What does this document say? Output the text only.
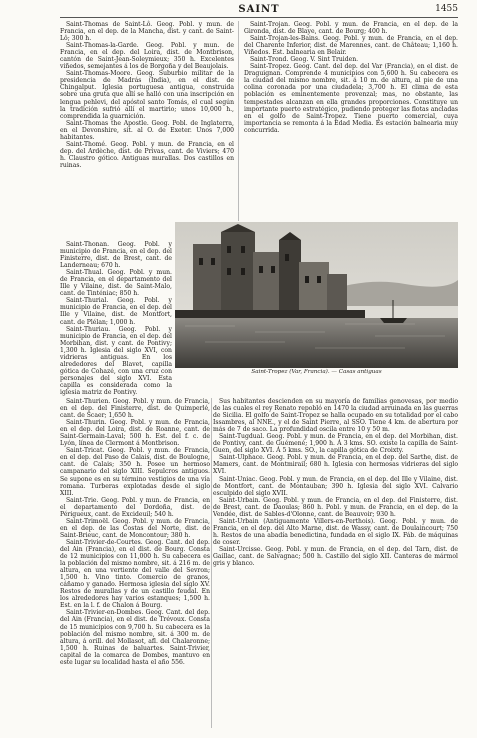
SAINT	1455

Saint-Thomas de Saint-Lô. Geog. Pobl. y mun. de Francia, en el dep. de la Mancha, dist. y cant. de Saint-Lô; 300 h.

Saint-Thomas-la-Garde. Geog. Pobl. y mun. de Francia, en el dep. del Loira, dist. de Montbrison, cantón de Saint-Jean-Soleymieux; 350 h. Excelentes viñedos, semejantes á los de Borgoña y del Beaujolais.

Saint-Thomas-Moore. Geog. Suburbio militar de la presidencia de Madrás (India), en el dist. de Chingalput. Iglesia portuguesa antigua, construida sobre una gruta que allí se halló con una inscripción en lengua pehlevi, del apóstol santo Tomás, el cual según la tradición sufrió allí el martirio; unos 10,000 h., comprendida la guarnición.

Saint-Thomas the Apostle. Geog. Pobl. de Inglaterra, en el Devonshire, sit. al O. de Exeter. Unos 7,000 habitantes.

Saint-Thomé. Geog. Pobl. y mun. de Francia, en el dep. del Ardèche, dist. de Privas, cant. de Viviers; 470 h. Claustro gótico. Antiguas murallas. Dos castillos en ruinas.

Saint-Trojan. Geog. Pobl. y mun. de Francia, en el dep. de la Gironda, dist. de Blaye, cant. de Bourg; 400 h.

Saint-Trojan-les-Bains. Geog. Pobl. y mun. de Francia, en el dep. del Charente Inferior, dist. de Marennes, cant. de Château; 1,160 h. Viñedos. Est. balnearia en Belair.

Saint-Trond. Geog. V. Sint Truiden.

Saint-Tropez. Geog. Cant. del dep. del Var (Francia), en el dist. de Draguignan. Comprende 4 municipios con 5,600 h. Su cabecera es la ciudad del mismo nombre, sit. á 10 m. de altura, al pie de una colina coronada por una ciudadela; 3,700 h. El clima de esta población es eminentemente provenzal; mas, no obstante, las tempestades alcanzan en ella grandes proporciones. Constituye un importante puerto estratégico, pudiendo proteger las flotas ancladas en el golfo de Saint-Tropez. Tiene puerto comercial, cuya importancia se remonta á la Edad Media. Es estación balnearia muy concurrida.

Saint-Thonan. Geog. Pobl. y municipio de Francia, en el dep. del Finisterre, dist. de Brest, cant. de Landerneau; 670 h.

Saint-Thual. Geog. Pobl. y mun. de Francia, en el departamento del Ille y Vilaine, dist. de Saint-Malo, cant. de Tinténiac; 850 h.

Saint-Thurial. Geog. Pobl. y municipio de Francia, en el dep. del Ille y Vilaine, dist. de Montfort, cant. de Plélan; 1,000 h.

Saint-Thuriau. Geog. Pobl. y municipio de Francia, en el dep. del Morbihan, dist. y cant. de Pontivy; 1,300 h. Iglesia del siglo XVI, con vidrieras antiguas. En los alrededores del Blavet, capilla gótica de Cohazé, con una cruz con personajes del siglo XVI. Esta capilla es considerada como la iglesia matriz de Pontivy.

Saint-Tropez (Var, Francia). — Casas antiguas

Saint-Thurien. Geog. Pobl. y mun. de Francia, en el dep. del Finisterre, dist. de Quimperlé, cant. de Scaer; 1,650 h.

Saint-Thurin. Geog. Pobl. y mun. de Francia, en el dep. del Loira, dist. de Roanne, cant. de Saint-Germain-Laval; 500 h. Est. del f. c. de Lyón, línea de Clermont á Montbrison.

Saint-Tricat. Geog. Pobl. y mun. de Francia, en el dep. del Paso de Calais, dist. de Boulogne, cant. de Calais; 350 h. Posee un hermoso campanario del siglo XIII. Sepulcros antiguos. Se supone es en su término vestigios de una vía romana. Turberas explotadas desde el siglo XIII.

Saint-Trie. Geog. Pobl. y mun. de Francia, en el departamento del Dordoña, dist. de Périgueux, cant. de Excideuil; 540 h.

Saint-Trimoël. Geog. Pobl. y mun. de Francia, en el dep. de las Costas del Norte, dist. de Saint-Brieuc, cant. de Moncontour; 380 h.

Saint-Trivier-de-Courtes. Geog. Cant. del dep. del Ain (Francia), en el dist. de Bourg. Consta de 12 municipios con 11,000 h. Su cabecera es la población del mismo nombre, sit. á 216 m. de altura, en una vertiente del valle del Sevron; 1,500 h. Vino tinto. Comercio de granos, cáñamo y ganado. Hermosa iglesia del siglo XV. Restos de murallas y de un castillo feudal. En los alrededores hay varios estanques; 1,500 h. Est. en la l. f. de Chalon á Bourg.

Saint-Trivier-en-Dombes. Geog. Cant. del dep. del Ain (Francia), en el dist. de Trévoux. Consta de 15 municipios con 9,700 h. Su cabecera es la población del mismo nombre, sit. á 300 m. de altura, á orill. del Mollasot, afl. del Chalaronne; 1,500 h. Ruinas de baluartes. Saint-Trivier, capital de la comarca de Dombes, mantuvo en este lugar su localidad hasta el año 556.

Sus habitantes descienden en su mayoría de familias genovesas, por medio de las cuales el rey Renato repobló en 1470 la ciudad arruinada en las guerras de Sicilia. El golfo de Saint-Tropez se halla ocupado en su totalidad por el cabo Issambres, al NNE., y el de Saint Pierre, al SSO. Tiene 4 km. de abertura por más de 7 de saco. La profundidad oscila entre 10 y 50 m.

Saint-Tugdual. Geog. Pobl. y mun. de Francia, en el dep. del Morbihan, dist. de Pontivy, cant. de Guémené; 1,900 h. Á 3 kms. SO. existe la capilla de Saint-Guen, del siglo XVI. Á 5 kms. SO., la capilla gótica de Croixty.

Saint-Ulphace. Geog. Pobl. y mun. de Francia, en el dep. del Sarthe, dist. de Mamers, cant. de Montmirail; 680 h. Iglesia con hermosas vidrieras del siglo XVI.

Saint-Uniac. Geog. Pobl. y mun. de Francia, en el dep. del Ille y Vilaine, dist. de Montfort, cant. de Montauban; 390 h. Iglesia del siglo XVI. Calvario esculpido del siglo XVII.

Saint-Urbain. Geog. Pobl. y mun. de Francia, en el dep. del Finisterre, dist. de Brest, cant. de Daoulas; 860 h. Pobl. y mun. de Francia, en el dep. de la Vendée, dist. de Sables-d'Olonne, cant. de Beauvoir; 930 h.

Saint-Urbain (Antiguamente Villers-en-Perthois). Geog. Pobl. y mun. de Francia, en el dep. del Alto Marne, dist. de Wassy, cant. de Doulaincourt; 750 h. Restos de una abadía benedictina, fundada en el siglo IX. Fáb. de máquinas de coser.

Saint-Urcisse. Geog. Pobl. y mun. de Francia, en el dep. del Tarn, dist. de Gaillac, cant. de Salvagnac; 500 h. Castillo del siglo XII. Canteras de mármol gris y blanco.
